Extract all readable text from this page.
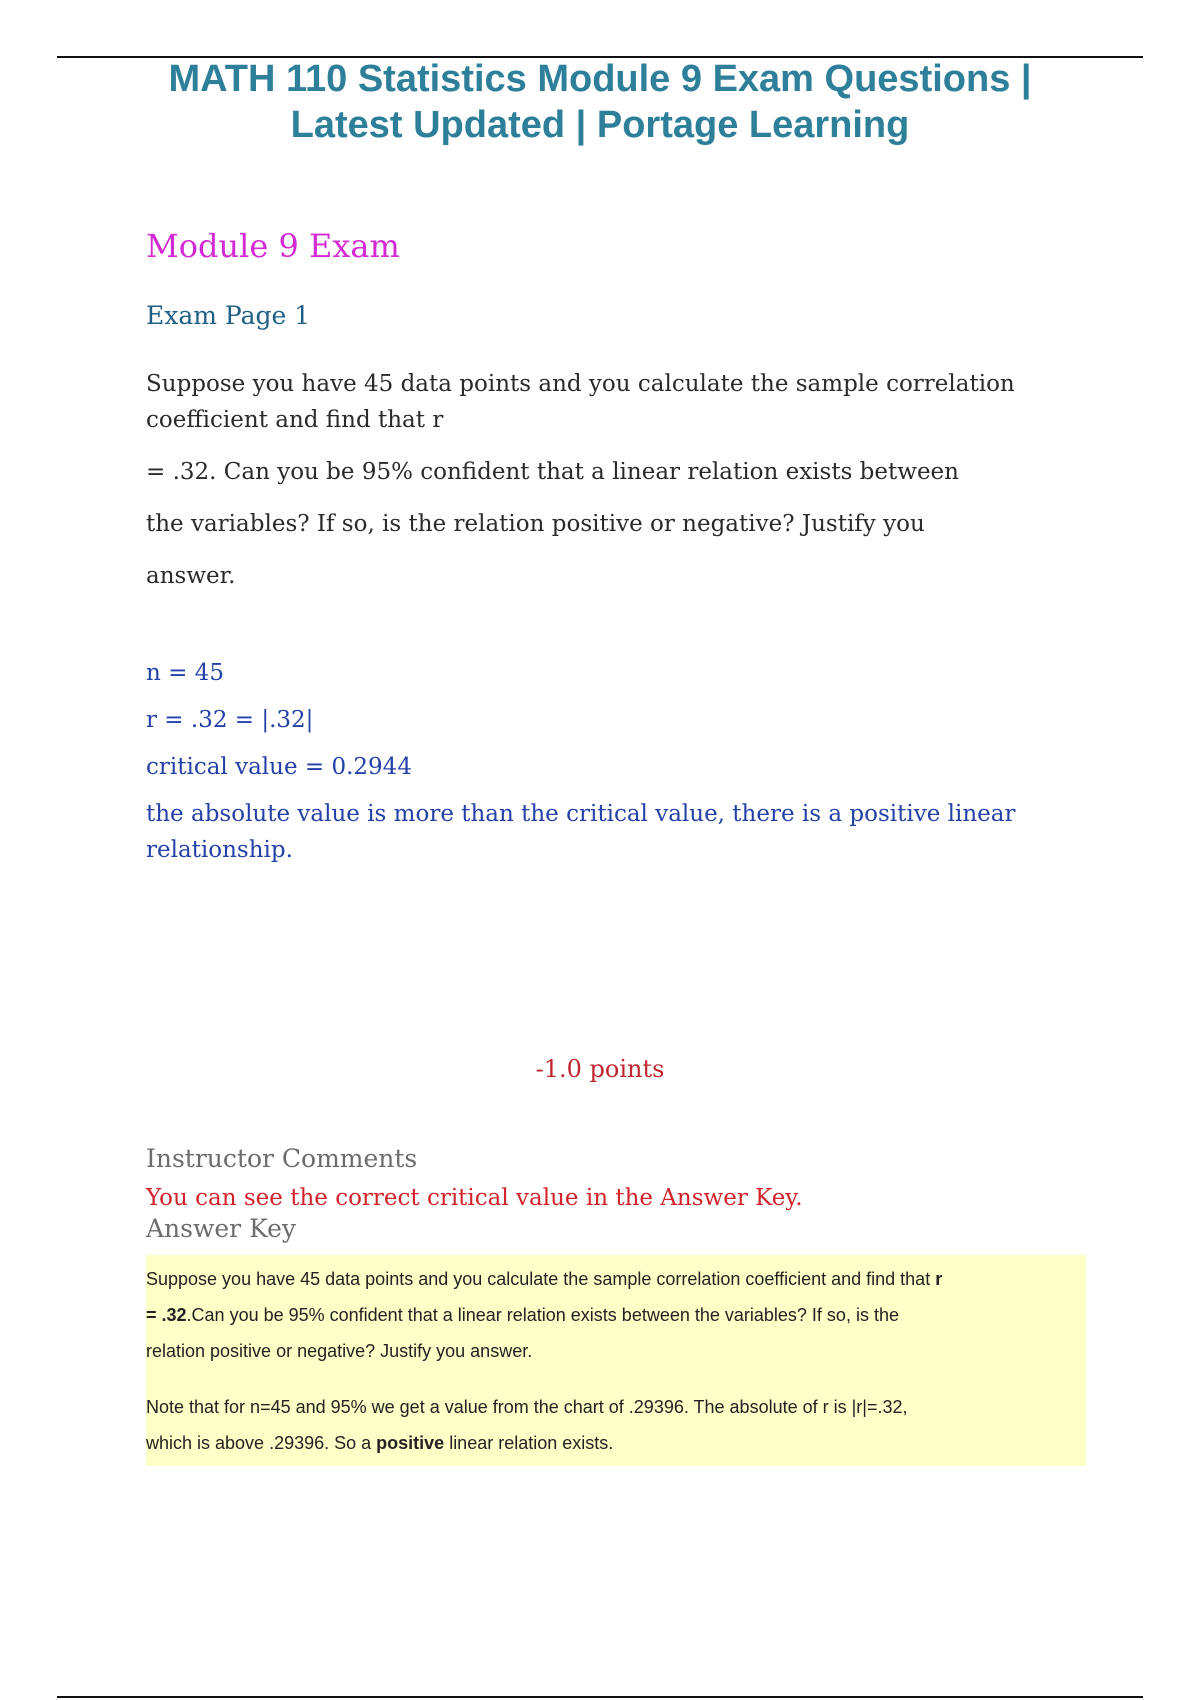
MATH 110 Statistics Module 9 Exam Questions |
Latest Updated | Portage Learning
Module 9 Exam
Exam Page 1

Suppose you have 45 data points and you calculate the sample correlation

coefficient and find that r

= .32. Can you be 95% confident that a linear relation exists between

the variables? If so, is the relation positive or negative? Justify you

answer.

n = 45

r = .32 = |.32|

critical value = 0.2944

the absolute value is more than the critical value, there is a positive linear relationship.

-1.0 points
Instructor Comments

You can see the correct critical value in the Answer Key.

Answer Key

Suppose you have 45 data points and you calculate the sample correlation coefficient and find that r

= .32.Can you be 95% confident that a linear relation exists between the variables? If so, is the

relation positive or negative? Justify you answer.

Note that for n=45 and 95% we get a value from the chart of .29396. The absolute of r is |r|=.32,

which is above .29396. So a positive linear relation exists.
